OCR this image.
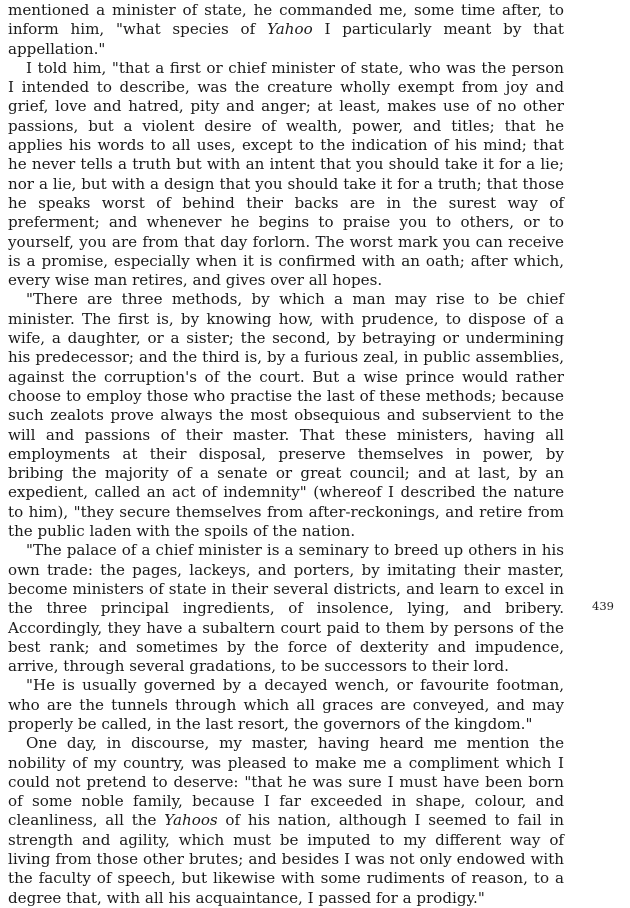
mentioned a minister of state, he commanded me, some time after, to inform him, "what species of Yahoo I particularly meant by that appellation."

I told him, "that a first or chief minister of state, who was the person I intended to describe, was the creature wholly exempt from joy and grief, love and hatred, pity and anger; at least, makes use of no other passions, but a violent desire of wealth, power, and titles; that he applies his words to all uses, except to the indication of his mind; that he never tells a truth but with an intent that you should take it for a lie; nor a lie, but with a design that you should take it for a truth; that those he speaks worst of behind their backs are in the surest way of preferment; and whenever he begins to praise you to others, or to yourself, you are from that day forlorn. The worst mark you can receive is a promise, especially when it is confirmed with an oath; after which, every wise man retires, and gives over all hopes.

"There are three methods, by which a man may rise to be chief minister. The first is, by knowing how, with prudence, to dispose of a wife, a daughter, or a sister; the second, by betraying or undermining his predecessor; and the third is, by a furious zeal, in public assemblies, against the corruption's of the court. But a wise prince would rather choose to employ those who practise the last of these methods; because such zealots prove always the most obsequious and subservient to the will and passions of their master. That these ministers, having all employments at their disposal, preserve themselves in power, by bribing the majority of a senate or great council; and at last, by an expedient, called an act of indemnity" (whereof I described the nature to him), "they secure themselves from after-reckonings, and retire from the public laden with the spoils of the nation.

"The palace of a chief minister is a seminary to breed up others in his own trade: the pages, lackeys, and porters, by imitating their master, become ministers of state in their several districts, and learn to excel in the three principal ingredients, of insolence, lying, and bribery. Accordingly, they have a subaltern court paid to them by persons of the best rank; and sometimes by the force of dexterity and impudence, arrive, through several gradations, to be successors to their lord.

"He is usually governed by a decayed wench, or favourite footman, who are the tunnels through which all graces are conveyed, and may properly be called, in the last resort, the governors of the kingdom."

One day, in discourse, my master, having heard me mention the nobility of my country, was pleased to make me a compliment which I could not pretend to deserve: "that he was sure I must have been born of some noble family, because I far exceeded in shape, colour, and cleanliness, all the Yahoos of his nation, although I seemed to fail in strength and agility, which must be imputed to my different way of living from those other brutes; and besides I was not only endowed with the faculty of speech, but likewise with some rudiments of reason, to a degree that, with all his acquaintance, I passed for a prodigy."

439
